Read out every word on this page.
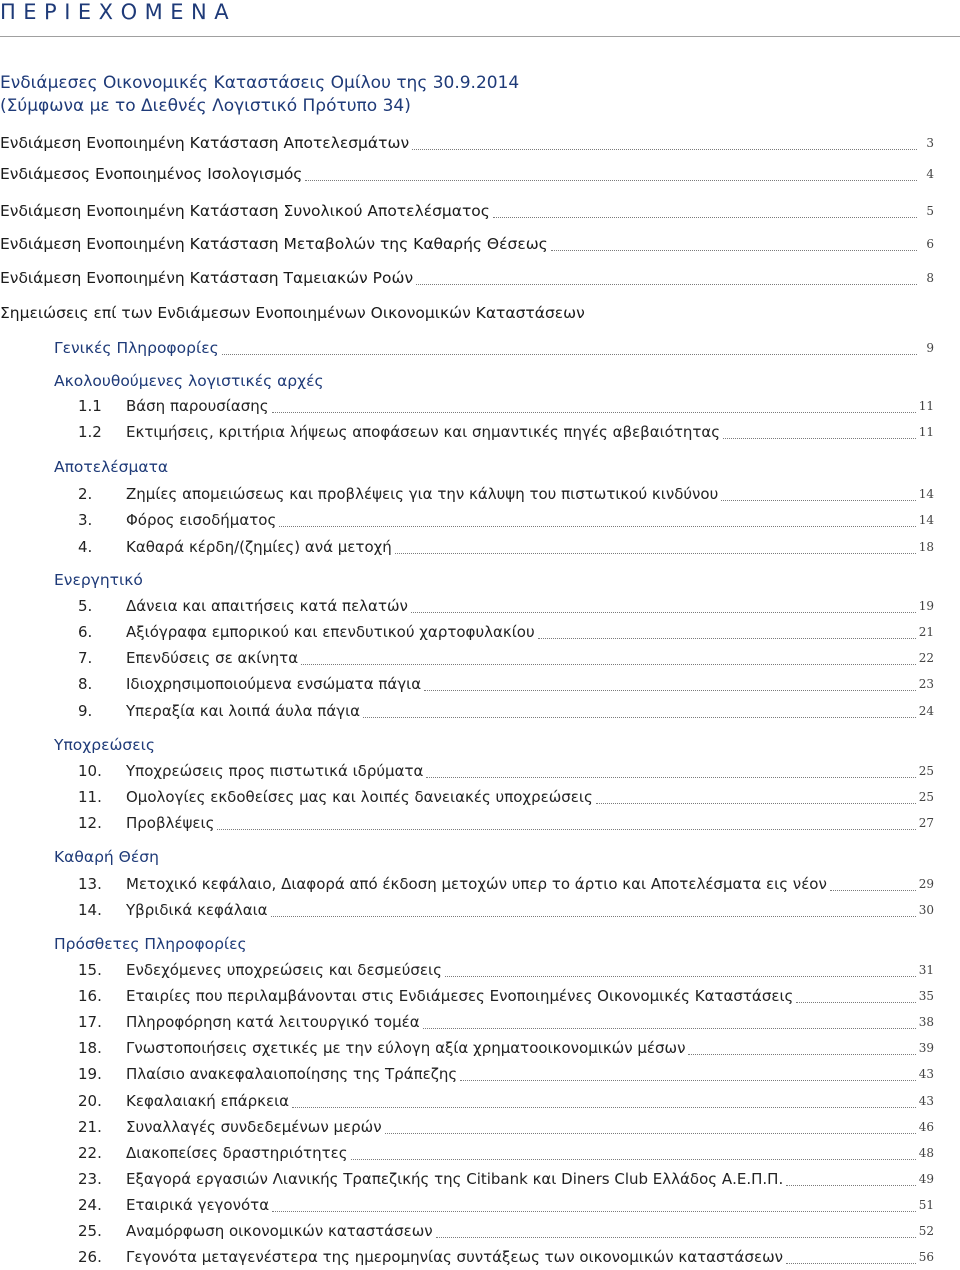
ΠΕΡΙΕΧΟΜΕΝΑ
Ενδιάμεσες Οικονομικές Καταστάσεις Ομίλου της 30.9.2014
(Σύμφωνα με το Διεθνές Λογιστικό Πρότυπο 34)
Ενδιάμεση Ενοποιημένη Κατάσταση Αποτελεσμάτων	3
Ενδιάμεσος Ενοποιημένος Ισολογισμός	4
Ενδιάμεση Ενοποιημένη Κατάσταση Συνολικού Αποτελέσματος	5
Ενδιάμεση Ενοποιημένη Κατάσταση Μεταβολών της Καθαρής Θέσεως	6
Ενδιάμεση Ενοποιημένη Κατάσταση Ταμειακών Ροών	8
Σημειώσεις επί των Ενδιάμεσων Ενοποιημένων Οικονομικών Καταστάσεων
Γενικές Πληροφορίες	9
Ακολουθούμενες λογιστικές αρχές
1.1	Βάση παρουσίασης	11
1.2	Εκτιμήσεις, κριτήρια λήψεως αποφάσεων και σημαντικές πηγές αβεβαιότητας	11
Αποτελέσματα
2.	Ζημίες απομειώσεως και προβλέψεις για την κάλυψη του πιστωτικού κινδύνου	14
3.	Φόρος εισοδήματος	14
4.	Καθαρά κέρδη/(ζημίες) ανά μετοχή	18
Ενεργητικό
5.	Δάνεια και απαιτήσεις κατά πελατών	19
6.	Αξιόγραφα εμπορικού και επενδυτικού χαρτοφυλακίου	21
7.	Επενδύσεις σε ακίνητα	22
8.	Ιδιοχρησιμοποιούμενα ενσώματα πάγια	23
9.	Υπεραξία και λοιπά άυλα πάγια	24
Υποχρεώσεις
10.	Υποχρεώσεις προς πιστωτικά ιδρύματα	25
11.	Ομολογίες εκδοθείσες μας και λοιπές δανειακές υποχρεώσεις	25
12.	Προβλέψεις	27
Καθαρή Θέση
13.	Μετοχικό κεφάλαιο, Διαφορά από έκδοση μετοχών υπερ το άρτιο και Αποτελέσματα εις νέον	29
14.	Υβριδικά κεφάλαια	30
Πρόσθετες Πληροφορίες
15.	Ενδεχόμενες υποχρεώσεις και δεσμεύσεις	31
16.	Εταιρίες που περιλαμβάνονται στις Ενδιάμεσες Ενοποιημένες Οικονομικές Καταστάσεις	35
17.	Πληροφόρηση κατά λειτουργικό τομέα	38
18.	Γνωστοποιήσεις σχετικές με την εύλογη αξία χρηματοοικονομικών μέσων	39
19.	Πλαίσιο ανακεφαλαιοποίησης της Τράπεζης	43
20.	Κεφαλαιακή επάρκεια	43
21.	Συναλλαγές συνδεδεμένων μερών	46
22.	Διακοπείσες δραστηριότητες	48
23.	Εξαγορά εργασιών Λιανικής Τραπεζικής της Citibank και Diners Club Ελλάδος Α.Ε.Π.Π.	49
24.	Εταιρικά γεγονότα	51
25.	Αναμόρφωση οικονομικών καταστάσεων	52
26.	Γεγονότα μεταγενέστερα της ημερομηνίας συντάξεως των οικονομικών καταστάσεων	56
